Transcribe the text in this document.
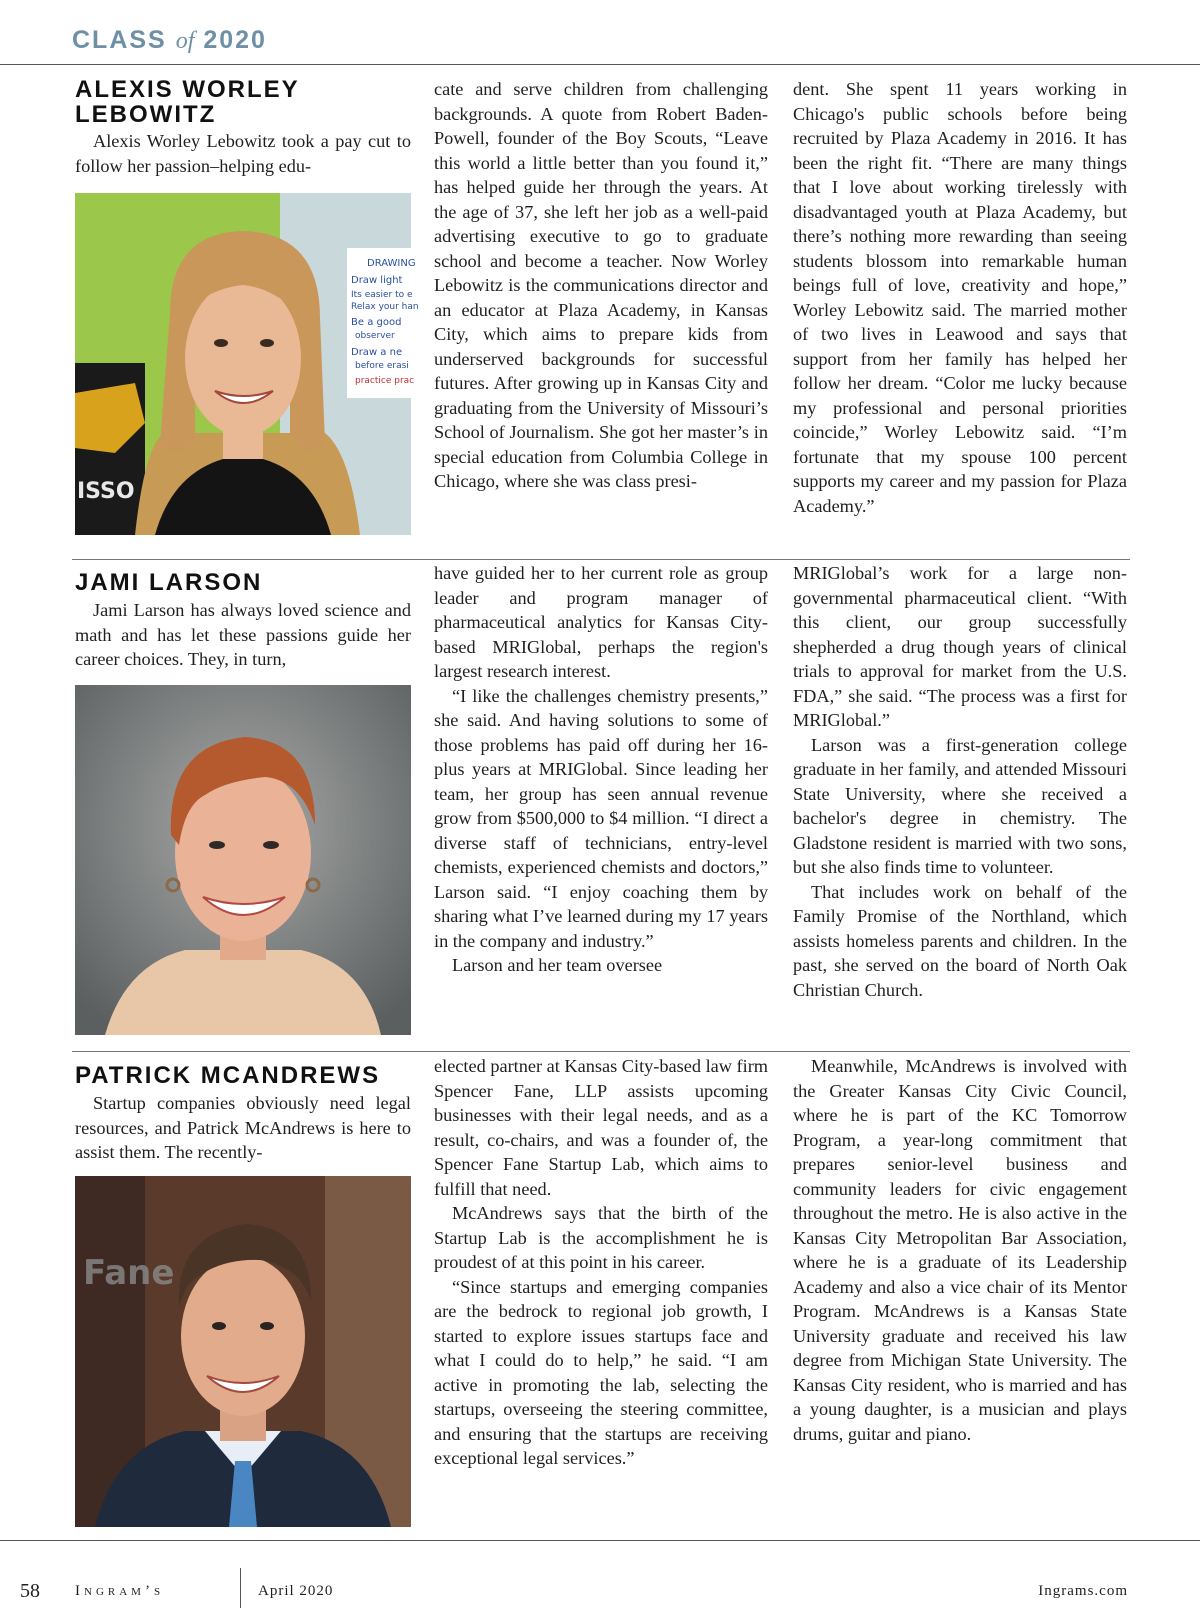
CLASS of 2020
ALEXIS WORLEY LEBOWITZ

Alexis Worley Lebowitz took a pay cut to follow her passion–helping edu-

DRAWING
Draw light
Its easier to e
Relax your han
Be a good
observer
Draw a ne
before erasi
practice prac
ISSO

cate and serve children from challenging backgrounds. A quote from Robert Baden-Powell, founder of the Boy Scouts, “Leave this world a little better than you found it,” has helped guide her through the years. At the age of 37, she left her job as a well-paid advertising executive to go to graduate school and become a teacher. Now Worley Lebowitz is the communications director and an educator at Plaza Academy, in Kansas City, which aims to prepare kids from underserved backgrounds for successful futures. After growing up in Kansas City and graduating from the University of Missouri’s School of Journalism. She got her master’s in special education from Columbia College in Chicago, where she was class presi-

dent. She spent 11 years working in Chicago's public schools before being recruited by Plaza Academy in 2016. It has been the right fit. “There are many things that I love about working tirelessly with disadvantaged youth at Plaza Academy, but there’s nothing more rewarding than seeing students blossom into remarkable human beings full of love, creativity and hope,” Worley Lebowitz said. The married mother of two lives in Leawood and says that support from her family has helped her follow her dream. “Color me lucky because my professional and personal priorities coincide,” Worley Lebowitz said. “I’m fortunate that my spouse 100 percent supports my career and my passion for Plaza Academy.”

JAMI LARSON

Jami Larson has always loved science and math and has let these passions guide her career choices. They, in turn,

have guided her to her current role as group leader and program manager of pharmaceutical analytics for Kansas City-based MRIGlobal, perhaps the region's largest research interest.

“I like the challenges chemistry presents,” she said. And having solutions to some of those problems has paid off during her 16-plus years at MRIGlobal. Since leading her team, her group has seen annual revenue grow from $500,000 to $4 million. “I direct a diverse staff of technicians, entry-level chemists, experienced chemists and doctors,” Larson said. “I enjoy coaching them by sharing what I’ve learned during my 17 years in the company and industry.”

Larson and her team oversee

MRIGlobal’s work for a large non-governmental pharmaceutical client. “With this client, our group successfully shepherded a drug though years of clinical trials to approval for market from the U.S. FDA,” she said. “The process was a first for MRIGlobal.”

Larson was a first-generation college graduate in her family, and attended Missouri State University, where she received a bachelor's degree in chemistry. The Gladstone resident is married with two sons, but she also finds time to volunteer.

That includes work on behalf of the Family Promise of the Northland, which assists homeless parents and children. In the past, she served on the board of North Oak Christian Church.

PATRICK MCANDREWS

Startup companies obviously need legal resources, and Patrick McAndrews is here to assist them. The recently-

Fane

elected partner at Kansas City-based law firm Spencer Fane, LLP assists upcoming businesses with their legal needs, and as a result, co-chairs, and was a founder of, the Spencer Fane Startup Lab, which aims to fulfill that need.

McAndrews says that the birth of the Startup Lab is the accomplishment he is proudest of at this point in his career.

“Since startups and emerging companies are the bedrock to regional job growth, I started to explore issues startups face and what I could do to help,” he said. “I am active in promoting the lab, selecting the startups, overseeing the steering committee, and ensuring that the startups are receiving exceptional legal services.”

Meanwhile, McAndrews is involved with the Greater Kansas City Civic Council, where he is part of the KC Tomorrow Program, a year-long commitment that prepares senior-level business and community leaders for civic engagement throughout the metro. He is also active in the Kansas City Metropolitan Bar Association, where he is a graduate of its Leadership Academy and also a vice chair of its Mentor Program. McAndrews is a Kansas State University graduate and received his law degree from Michigan State University. The Kansas City resident, who is married and has a young daughter, is a musician and plays drums, guitar and piano.

58 Ingram’s	April 2020	Ingrams.com
